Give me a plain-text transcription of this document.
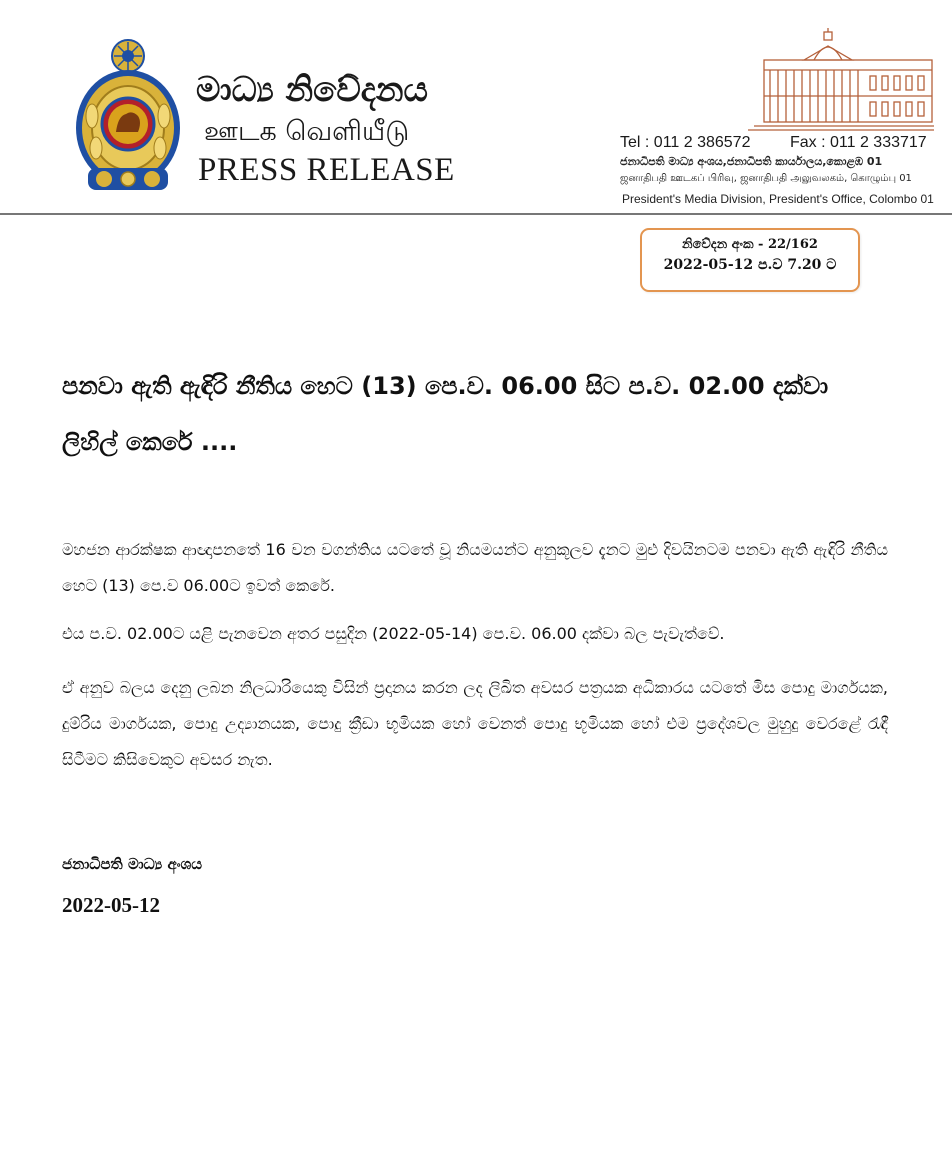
මාධ්‍ය නිවේදනය
ஊடக வெளியீடு
PRESS RELEASE
Tel : 011 2 386572 Fax : 011 2 333717
ජනාධිපති මාධ්‍ය අංශය,ජනාධිපති කාර්යාලය,කොළඹ 01
ஜனாதிபதி ஊடகப் பிரிவு, ஜனாதிபதி அலுவலகம், கொழும்பு 01
President's Media Division, President's Office, Colombo 01
නිවේදන අංක - 22/162
2022-05-12 ප.ව 7.20 ට
පනවා ඇති ඇඳිරි නීතිය හෙට (13) පෙ.ව. 06.00 සිට ප.ව. 02.00 දක්වා ලිහිල් කෙරේ ....

මහජන ආරක්ෂක ආඥාපනතේ 16 වන වගන්තිය යටතේ වූ නියමයන්ට අනුකූලව දැනට මුළු දිවයිනටම පනවා ඇති ඇඳිරි නීතිය හෙට (13) පෙ.ව 06.00ට ඉවත් කෙරේ.

එය ප.ව. 02.00ට යළි පැනවෙන අතර පසුදින (2022-05-14) පෙ.ව. 06.00 දක්වා බල පැවැත්වේ.

ඒ අනුව බලය දෙනු ලබන නිලධාරියෙකු විසින් ප්‍රදානය කරන ලද ලිඛිත අවසර පත්‍රයක අධිකාරය යටතේ මිස පොදු මාර්ගයක, දුම්රිය මාර්ගයක, පොදු උද්‍යානයක, පොදු ක්‍රීඩා භූමියක හෝ වෙනත් පොදු භූමියක හෝ එම ප්‍රදේශවල මුහුදු වෙරළේ රැඳී සිටීමට කිසිවෙකුට අවසර නැත.

ජනාධිපති මාධ්‍ය අංශය
2022-05-12
